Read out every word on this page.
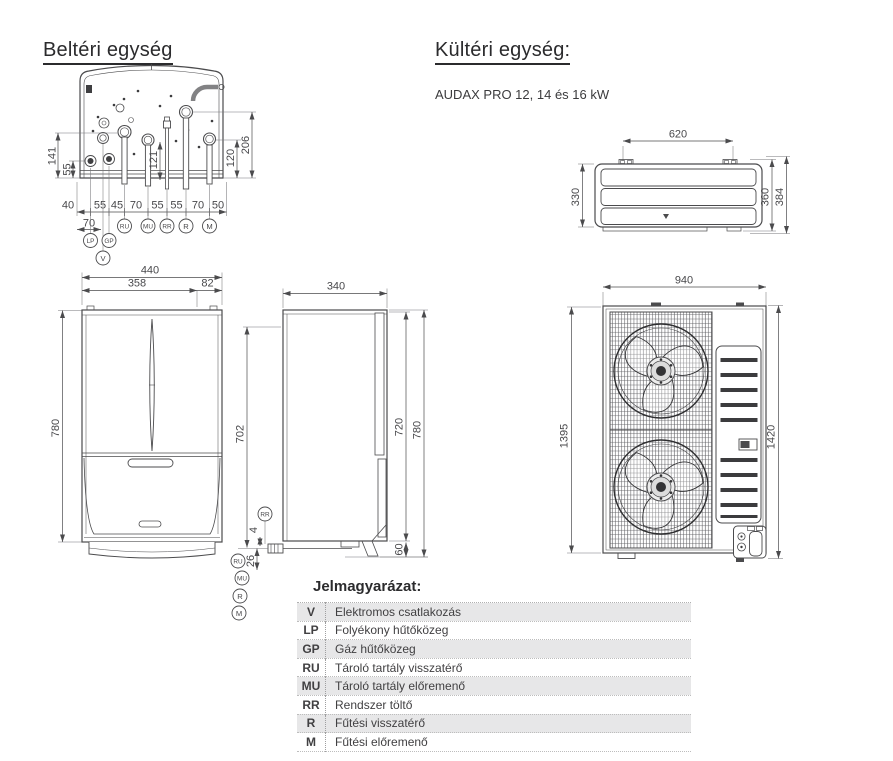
Beltéri egység	Kültéri egység:
AUDAX PRO 12, 14 és 16 kW
141
55
206
120
121
40 55 45 70 55 55 70 50
70	RU MU RR R M
LP GP
V
440
358	82
780
340
702	720 780
60
RR
4
26
RU
MU
R
M
620
330	360 384
940
1395	1420
Jelmagyarázat:
V	Elektromos csatlakozás
LP	Folyékony hűtőközeg
GP	Gáz hűtőközeg
RU	Tároló tartály visszatérő
MU	Tároló tartály előremenő
RR	Rendszer töltő
R	Fűtési visszatérő
M	Fűtési előremenő
